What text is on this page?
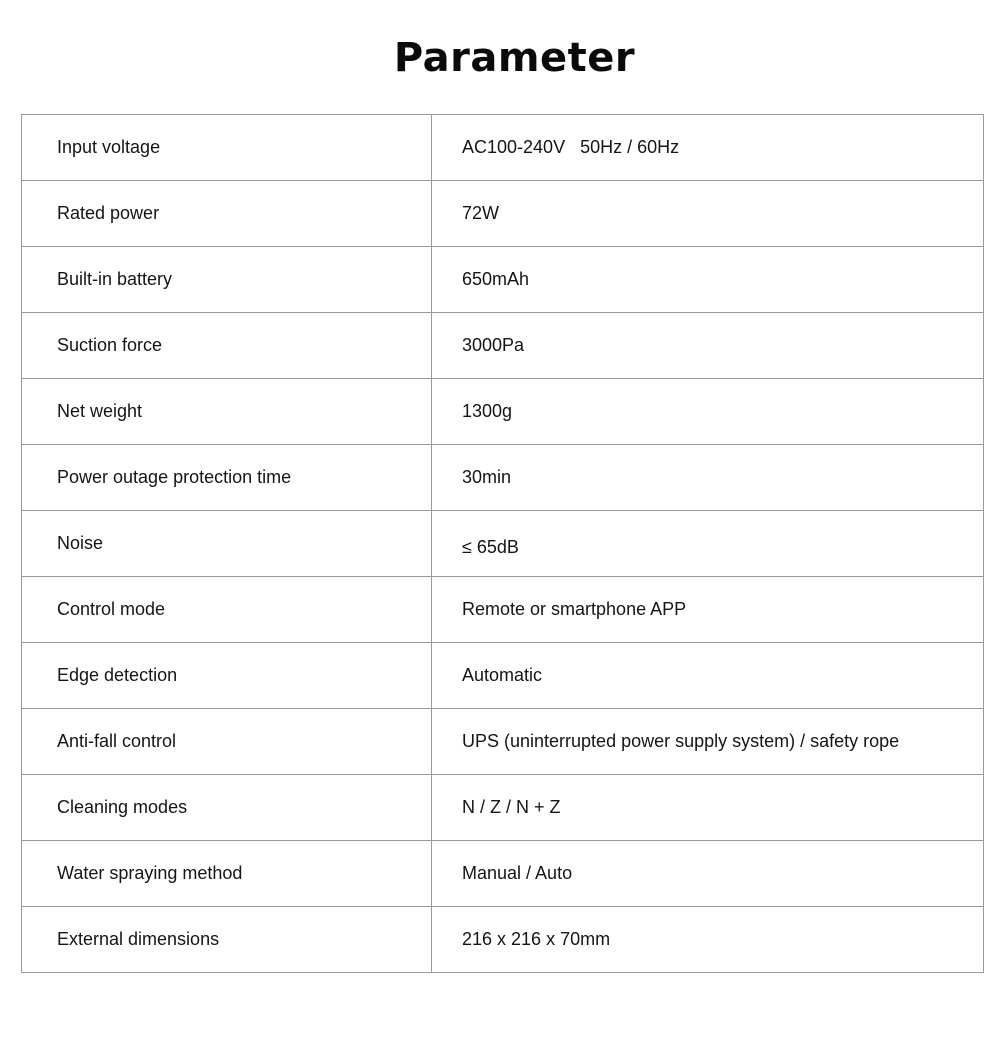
Parameter
Input voltage	AC100-240V   50Hz / 60Hz
Rated power	72W
Built-in battery	650mAh
Suction force	3000Pa
Net weight	1300g
Power outage protection time	30min
Noise	≤ 65dB
Control mode	Remote or smartphone APP
Edge detection	Automatic
Anti-fall control	UPS (uninterrupted power supply system) / safety rope
Cleaning modes	N / Z / N + Z
Water spraying method	Manual / Auto
External dimensions	216 x 216 x 70mm
